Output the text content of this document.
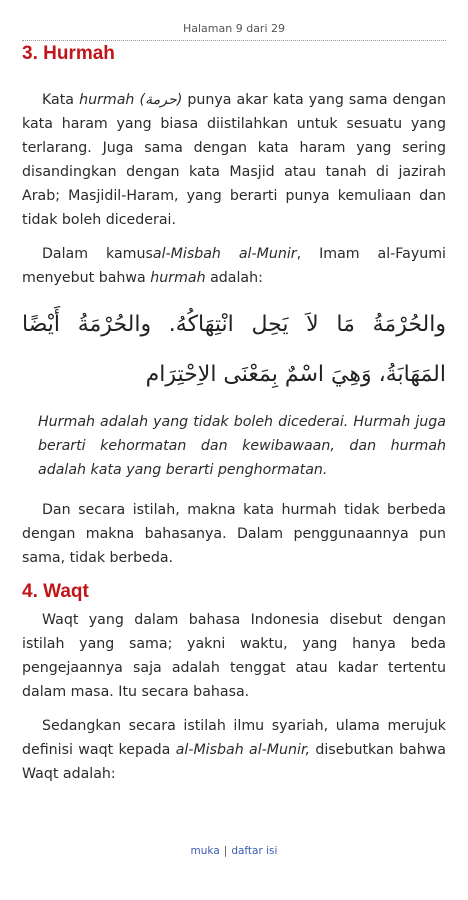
Halaman 9 dari 29
3. Hurmah

Kata hurmah (حرمة) punya akar kata yang sama dengan kata haram yang biasa diistilahkan untuk sesuatu yang terlarang. Juga sama dengan kata haram yang sering disandingkan dengan kata Masjid atau tanah di jazirah Arab; Masjidil-Haram, yang berarti punya kemuliaan dan tidak boleh dicederai.

Dalam kamusal-Misbah al-Munir, Imam al-Fayumi menyebut bahwa hurmah adalah:

والحُرْمَةُ مَا لاَ يَحِل انْتِهَاكُهُ. والحُرْمَةُ أَيْضًا المَهَابَةُ، وَهِيَ اسْمٌ بِمَعْنَى الاِحْتِرَام

Hurmah adalah yang tidak boleh dicederai. Hurmah juga berarti kehormatan dan kewibawaan, dan hurmah adalah kata yang berarti penghormatan.

Dan secara istilah, makna kata hurmah tidak berbeda dengan makna bahasanya. Dalam penggunaannya pun sama, tidak berbeda.

4. Waqt

Waqt yang dalam bahasa Indonesia disebut dengan istilah yang sama; yakni waktu, yang hanya beda pengejaannya saja adalah tenggat atau kadar tertentu dalam masa. Itu secara bahasa.

Sedangkan secara istilah ilmu syariah, ulama merujuk definisi waqt kepada al-Misbah al-Munir, disebutkan bahwa Waqt adalah:

muka | daftar isi
